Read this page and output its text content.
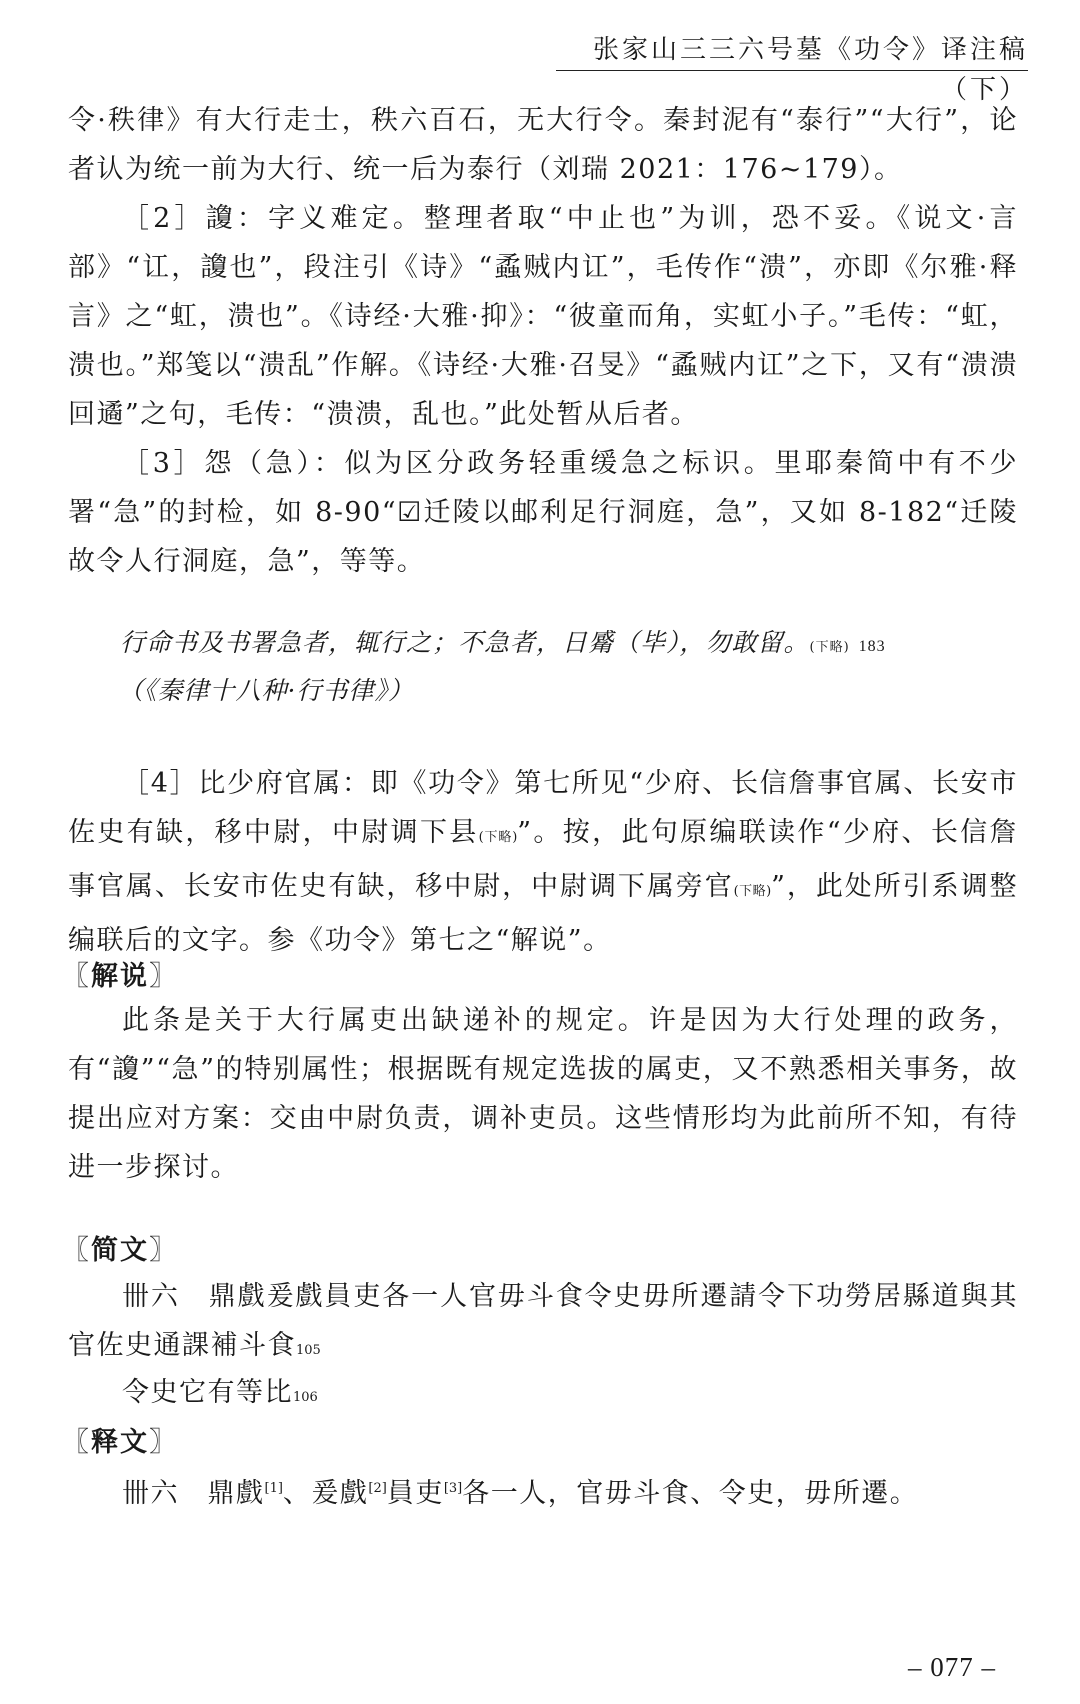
张家山三三六号墓《功令》译注稿（下）

令·秩律》有大行走士，秩六百石，无大行令。秦封泥有“泰行”“大行”，论者认为统一前为大行、统一后为泰行（刘瑞 2021：176~179）。

［2］讂：字义难定。整理者取“中止也”为训，恐不妥。《说文·言部》“讧，讂也”，段注引《诗》“蟊贼内讧”，毛传作“溃”，亦即《尔雅·释言》之“虹，溃也”。《诗经·大雅·抑》：“彼童而角，实虹小子。”毛传：“虹，溃也。”郑笺以“溃乱”作解。《诗经·大雅·召旻》“蟊贼内讧”之下，又有“溃溃回遹”之句，毛传：“溃溃，乱也。”此处暂从后者。

［3］怨（急）：似为区分政务轻重缓急之标识。里耶秦简中有不少署“急”的封检，如 8-90“☑迁陵以邮利足行洞庭，急”，又如 8-182“迁陵故令人行洞庭，急”，等等。

行命书及书署急者，辄行之；不急者，日觱（毕），勿敢留。(下略) 183
（《秦律十八种·行书律》）

［4］比少府官属：即《功令》第七所见“少府、长信詹事官属、长安市佐史有缺，移中尉，中尉调下县(下略)”。按，此句原编联读作“少府、长信詹事官属、长安市佐史有缺，移中尉，中尉调下属旁官(下略)”，此处所引系调整编联后的文字。参《功令》第七之“解说”。

〖解说〗

此条是关于大行属吏出缺递补的规定。许是因为大行处理的政务，有“讂”“急”的特别属性；根据既有规定选拔的属吏，又不熟悉相关事务，故提出应对方案：交由中尉负责，调补吏员。这些情形均为此前所不知，有待进一步探讨。

〖简文〗

卌六　鼎戲爰戲員吏各一人官毋斗食令史毋所遷請令下功勞居縣道與其官佐史通課補斗食105

令史它有等比106

〖释文〗

卌六　鼎戲[1]、爰戲[2]員吏[3]各一人，官毋斗食、令史，毋所遷。

– 077 –
